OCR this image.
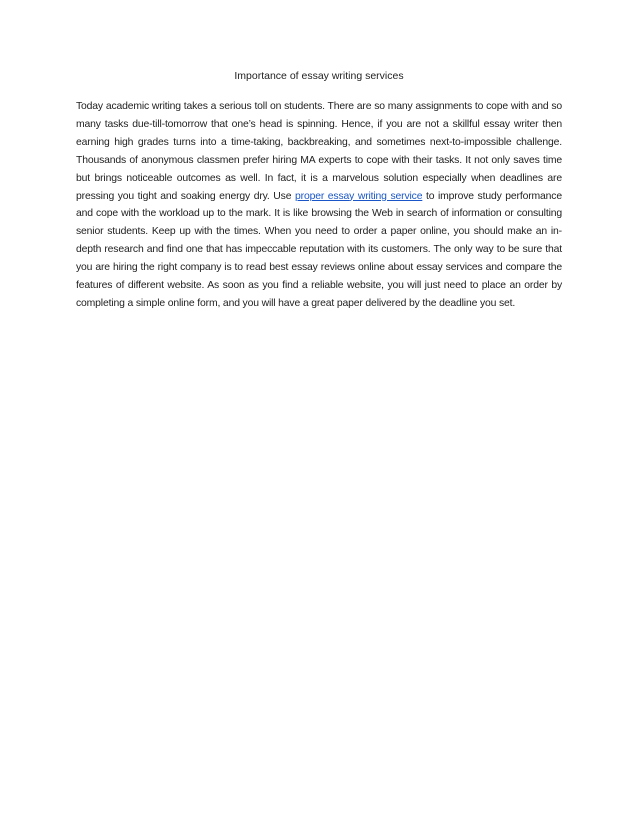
Importance of essay writing services

Today academic writing takes a serious toll on students. There are so many assignments to cope with and so many tasks due-till-tomorrow that one’s head is spinning. Hence, if you are not a skillful essay writer then earning high grades turns into a time-taking, backbreaking, and sometimes next-to-impossible challenge. Thousands of anonymous classmen prefer hiring MA experts to cope with their tasks. It not only saves time but brings noticeable outcomes as well. In fact, it is a marvelous solution especially when deadlines are pressing you tight and soaking energy dry. Use proper essay writing service to improve study performance and cope with the workload up to the mark. It is like browsing the Web in search of information or consulting senior students. Keep up with the times. When you need to order a paper online, you should make an in-depth research and find one that has impeccable reputation with its customers. The only way to be sure that you are hiring the right company is to read best essay reviews online about essay services and compare the features of different website. As soon as you find a reliable website, you will just need to place an order by completing a simple online form, and you will have a great paper delivered by the deadline you set.
